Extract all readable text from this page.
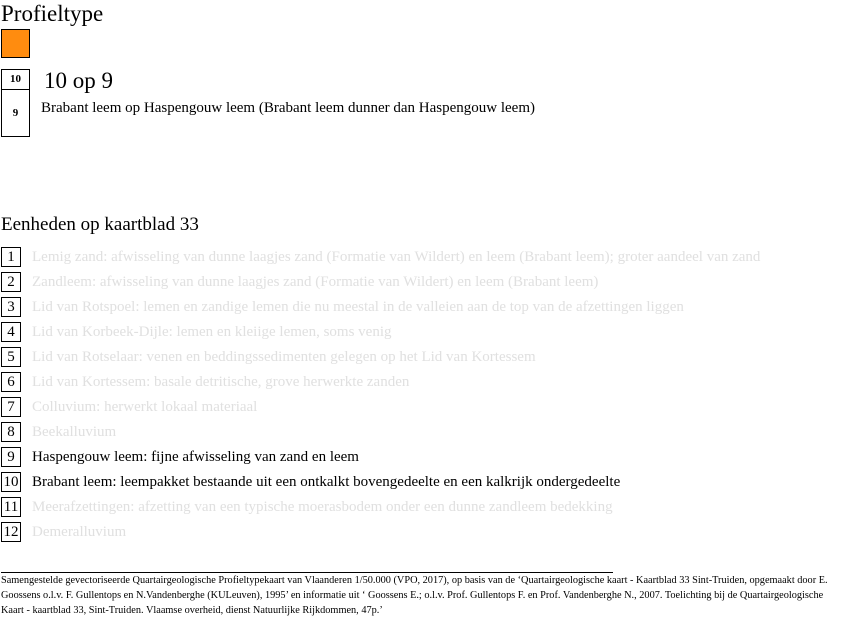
Profieltype
10
9
10 op 9
Brabant leem op Haspengouw leem (Brabant leem dunner dan Haspengouw leem)
Eenheden op kaartblad 33
1	Lemig zand: afwisseling van dunne laagjes zand (Formatie van Wildert) en leem (Brabant leem); groter aandeel van zand
2	Zandleem: afwisseling van dunne laagjes zand (Formatie van Wildert) en leem (Brabant leem)
3	Lid van Rotspoel: lemen en zandige lemen die nu meestal in de valleien aan de top van de afzettingen liggen
4	Lid van Korbeek-Dijle: lemen en kleiige lemen, soms venig
5	Lid van Rotselaar: venen en beddingssedimenten gelegen op het Lid van Kortessem
6	Lid van Kortessem: basale detritische, grove herwerkte zanden
7	Colluvium: herwerkt lokaal materiaal
8	Beekalluvium
9	Haspengouw leem: fijne afwisseling van zand en leem
10 Brabant leem: leempakket bestaande uit een ontkalkt bovengedeelte en een kalkrijk ondergedeelte
11 Meerafzettingen: afzetting van een typische moerasbodem onder een dunne zandleem bedekking
12 Demeralluvium
Samengestelde gevectoriseerde Quartairgeologische Profieltypekaart van Vlaanderen 1/50.000 (VPO, 2017), op basis van de ‘Quartairgeologische kaart - Kaartblad 33 Sint-Truiden, opgemaakt door E. Goossens o.l.v. F. Gullentops en N.Vandenberghe (KULeuven), 1995’ en informatie uit ‘ Goossens E.; o.l.v. Prof. Gullentops F. en Prof. Vandenberghe N., 2007. Toelichting bij de Quartairgeologische Kaart - kaartblad 33, Sint-Truiden. Vlaamse overheid, dienst Natuurlijke Rijkdommen, 47p.’
